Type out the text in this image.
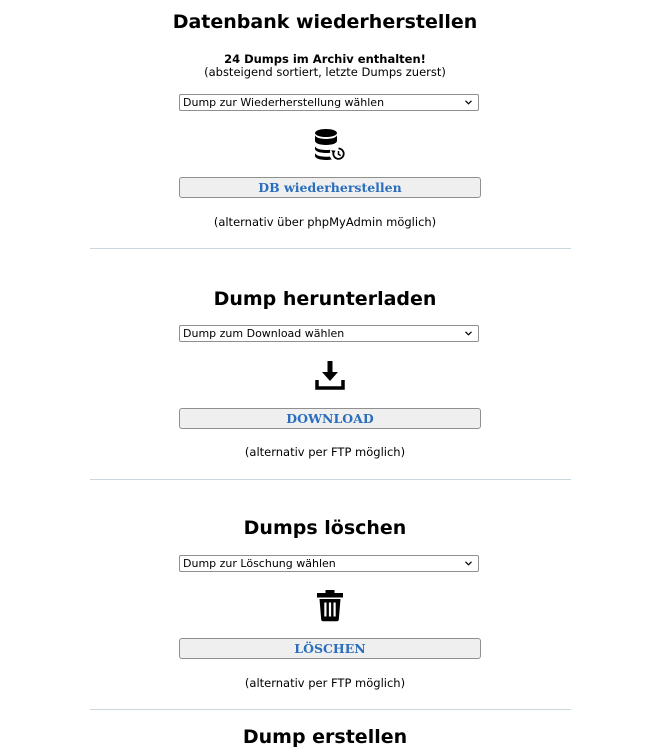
Datenbank wiederherstellen
24 Dumps im Archiv enthalten!
(absteigend sortiert, letzte Dumps zuerst)
Dump zur Wiederherstellung wählen
DB wiederherstellen
(alternativ über phpMyAdmin möglich)
Dump herunterladen
Dump zum Download wählen
DOWNLOAD
(alternativ per FTP möglich)
Dumps löschen
Dump zur Löschung wählen
LÖSCHEN
(alternativ per FTP möglich)
Dump erstellen
